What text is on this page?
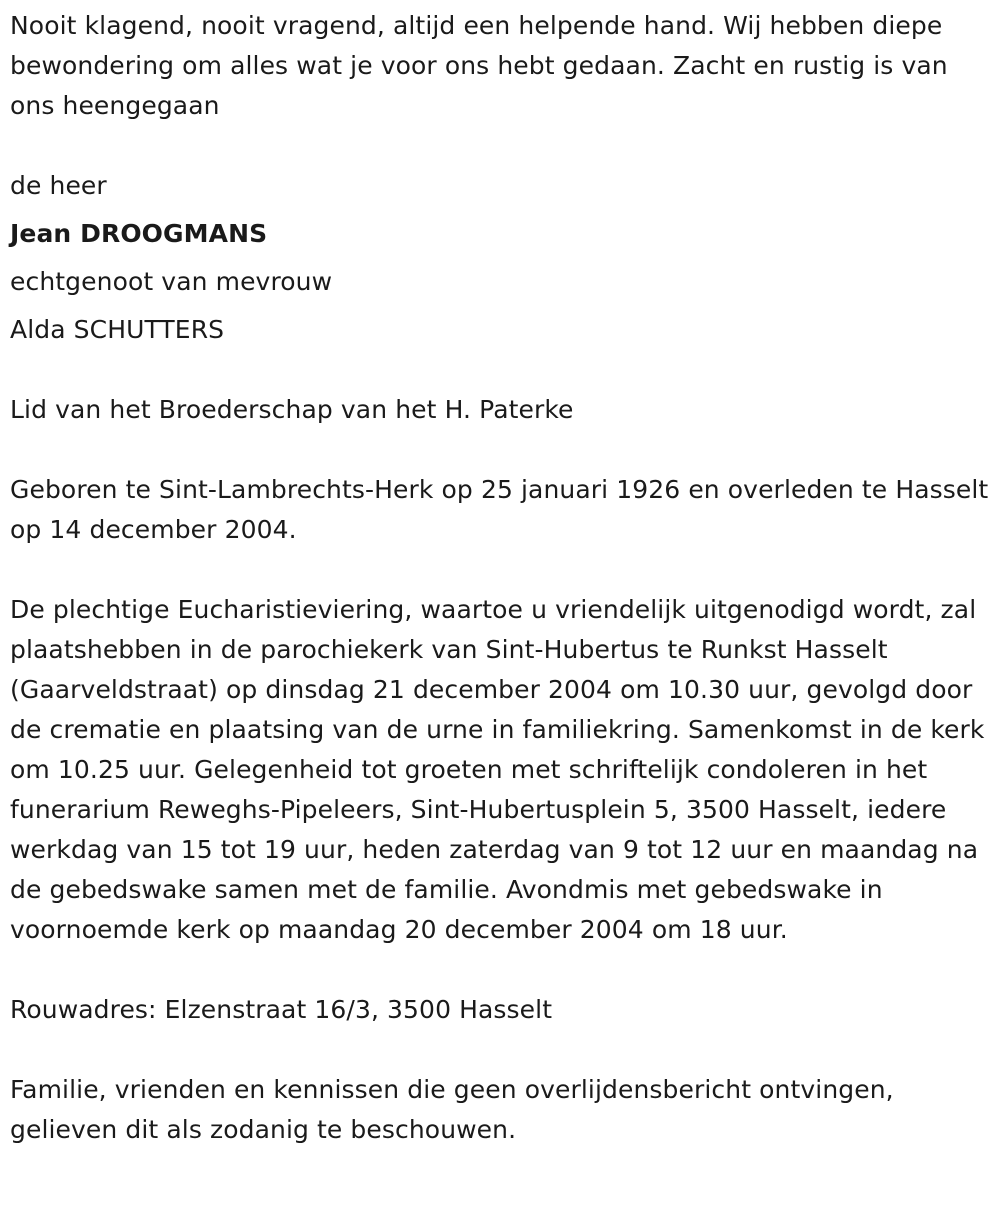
Nooit klagend, nooit vragend, altijd een helpende hand. Wij hebben diepe bewondering om alles wat je voor ons hebt gedaan. Zacht en rustig is van ons heengegaan

de heer

Jean DROOGMANS

echtgenoot van mevrouw

Alda SCHUTTERS

Lid van het Broederschap van het H. Paterke

Geboren te Sint-Lambrechts-Herk op 25 januari 1926 en overleden te Hasselt op 14 december 2004.

De plechtige Eucharistieviering, waartoe u vriendelijk uitgenodigd wordt, zal plaatshebben in de parochiekerk van Sint-Hubertus te Runkst Hasselt (Gaarveldstraat) op dinsdag 21 december 2004 om 10.30 uur, gevolgd door de crematie en plaatsing van de urne in familiekring. Samenkomst in de kerk om 10.25 uur. Gelegenheid tot groeten met schriftelijk condoleren in het funerarium Reweghs-Pipeleers, Sint-Hubertusplein 5, 3500 Hasselt, iedere werkdag van 15 tot 19 uur, heden zaterdag van 9 tot 12 uur en maandag na de gebedswake samen met de familie. Avondmis met gebedswake in voornoemde kerk op maandag 20 december 2004 om 18 uur.

Rouwadres: Elzenstraat 16/3, 3500 Hasselt

Familie, vrienden en kennissen die geen overlijdensbericht ontvingen, gelieven dit als zodanig te beschouwen.
